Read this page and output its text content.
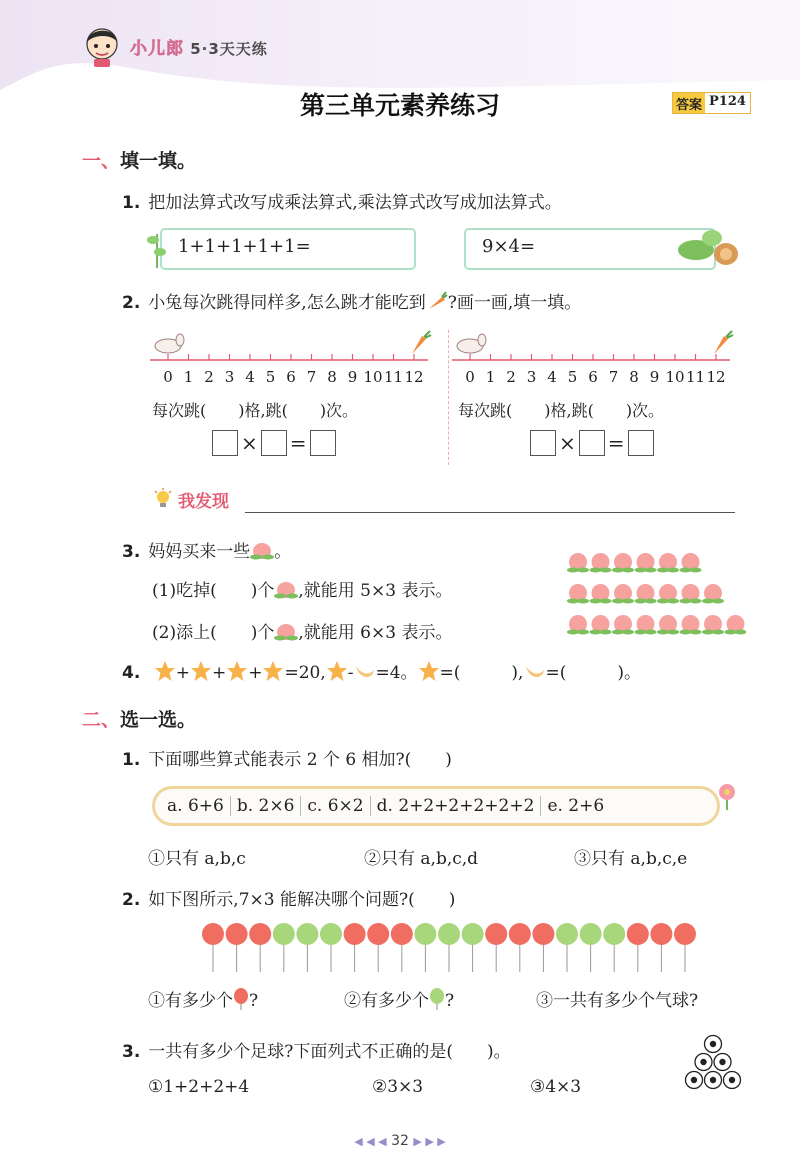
小儿郎 5·3天天练
第三单元素养练习	答案 P124
一、填一填。
1. 把加法算式改写成乘法算式,乘法算式改写成加法算式。
1+1+1+1+1=	9×4=
2. 小兔每次跳得同样多,怎么跳才能吃到 ?画一画,填一填。
0 1 2 3 4 5 6 7 8 9 10 11 12	0 1 2 3 4 5 6 7 8 9 10 11 12
每次跳(　　)格,跳(　　)次。	每次跳(　　)格,跳(　　)次。
× =	× =
我发现
3. 妈妈买来一些 。
(1)吃掉(　　)个 ,就能用 5×3 表示。
(2)添上(　　)个 ,就能用 6×3 表示。
4. + + + =20, - =4。 =(　　　), =(　　　)。
二、选一选。
1. 下面哪些算式能表示 2 个 6 相加?(　　)
a. 6+6 b. 2×6 c. 6×2 d. 2+2+2+2+2+2 e. 2+6
①只有 a,b,c	②只有 a,b,c,d	③只有 a,b,c,e
2. 如下图所示,7×3 能解决哪个问题?(　　)
①有多少个 ?	②有多少个 ?	③一共有多少个气球?
3. 一共有多少个足球?下面列式不正确的是(　　)。
①1+2+2+4	②3×3	③4×3
◀ ◀ ◀ 32 ▶ ▶ ▶
